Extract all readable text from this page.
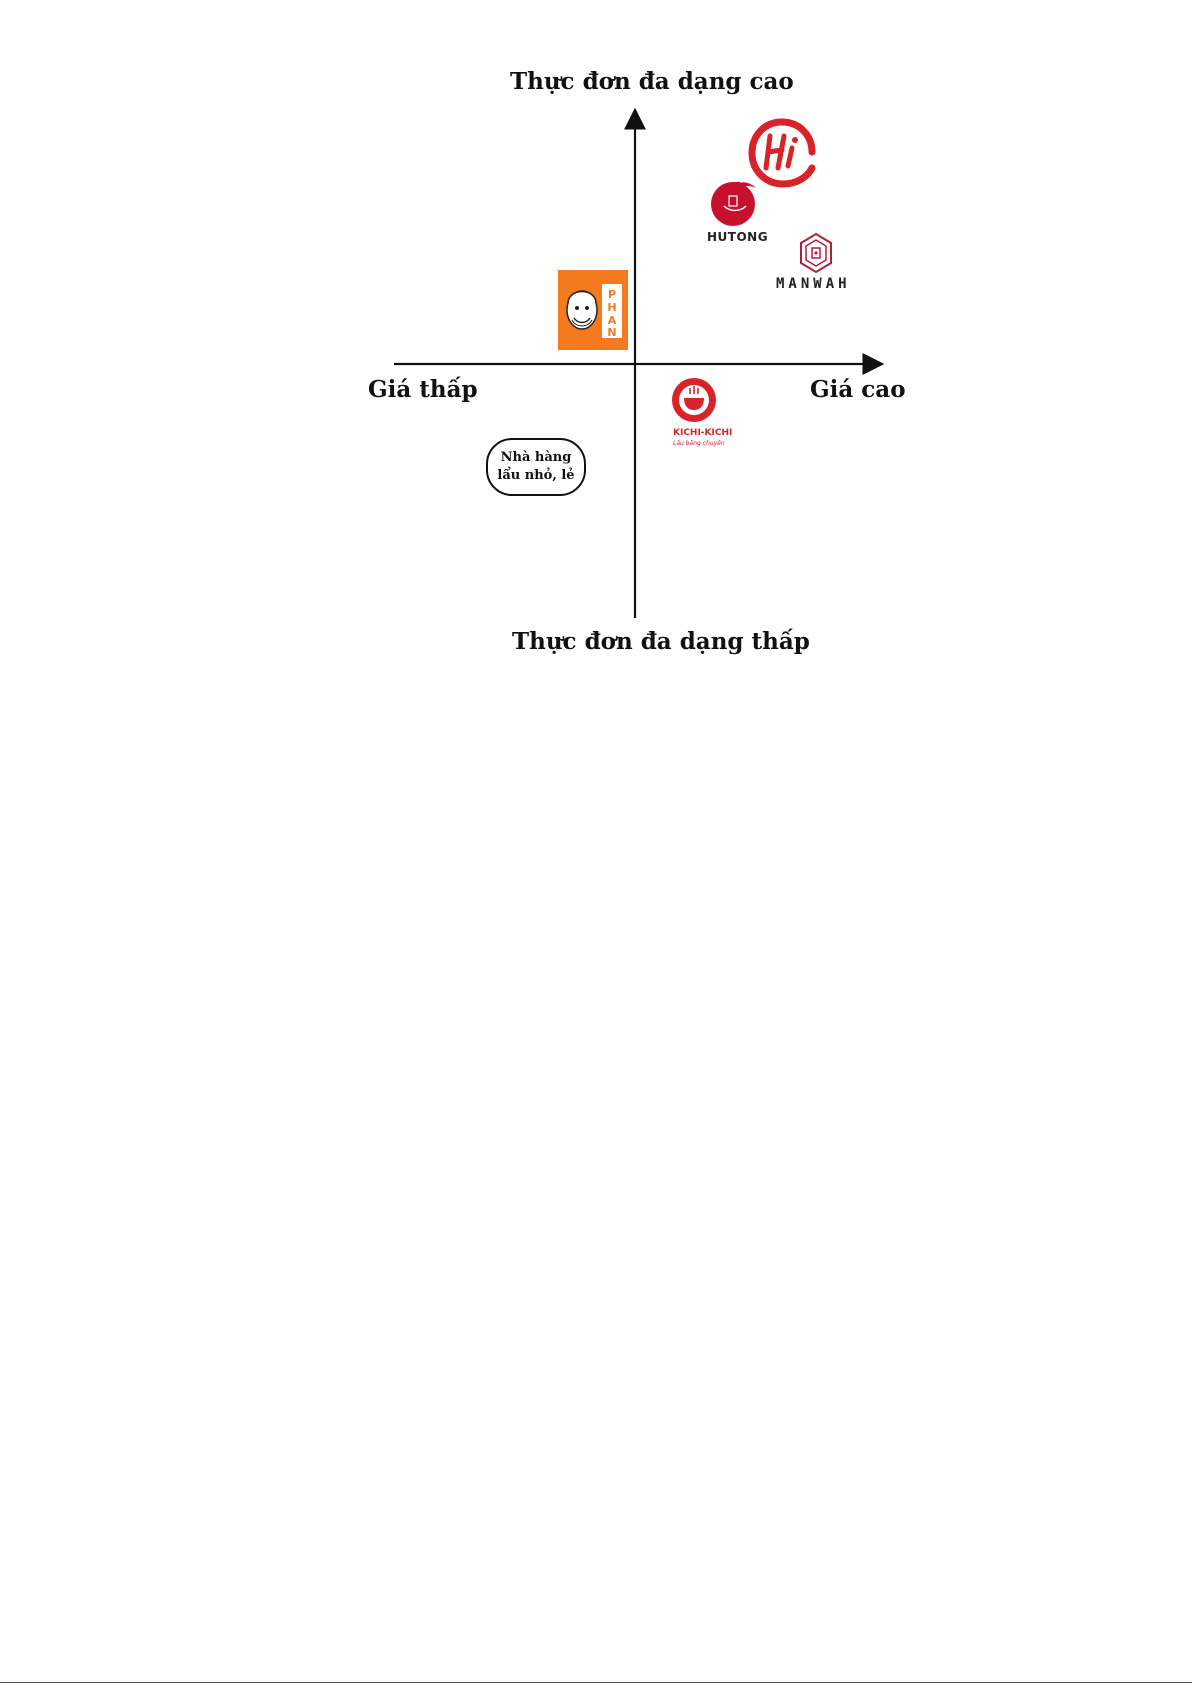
Thực đơn đa dạng cao
Thực đơn đa dạng thấp
Giá thấp	Giá cao
HUTONG
MANWAH
P
H
A
N
KICHI-KICHI
Lẩu băng chuyền
Nhà hàng lẩu nhỏ, lẻ
